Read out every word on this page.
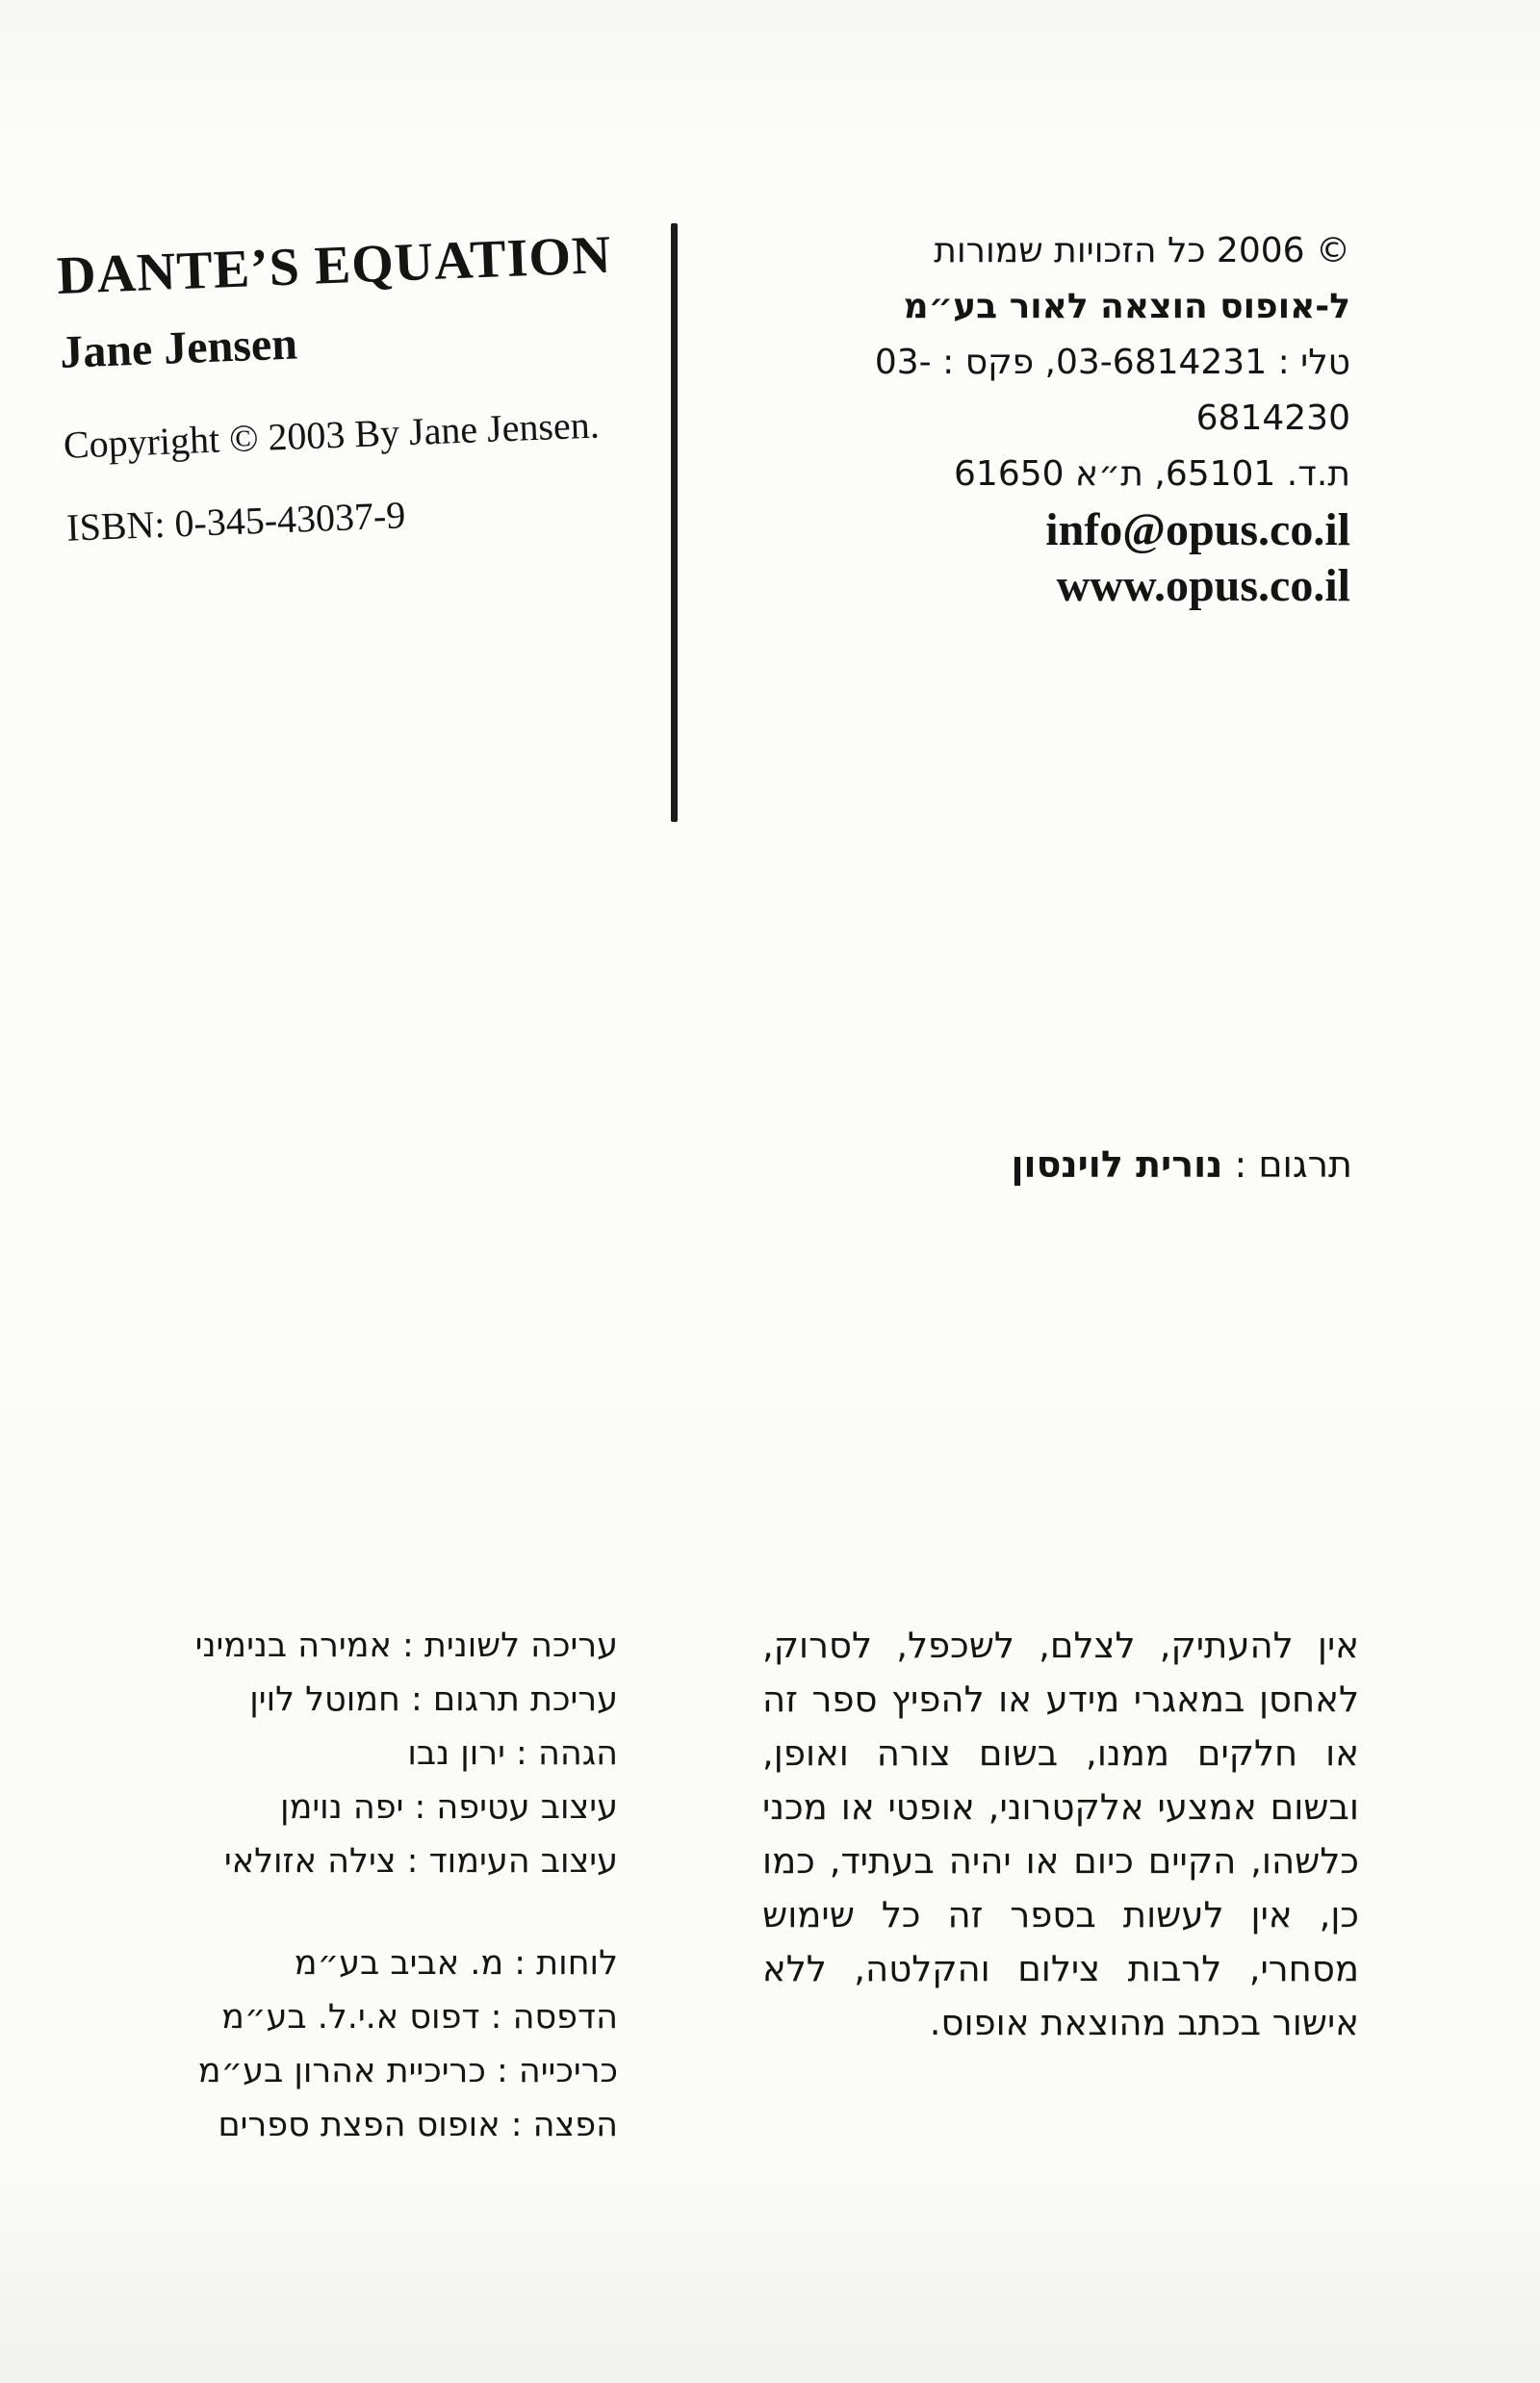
DANTE’S EQUATION
Jane Jensen
Copyright © 2003 By Jane Jensen.
ISBN: 0-345-43037-9
© 2006 כל הזכויות שמורות
ל-אופוס הוצאה לאור בע״מ
טלי : 03-6814231, פקס : 03-6814230
ת.ד. 65101, ת״א 61650
info@opus.co.il
www.opus.co.il
תרגום : נורית לוינסון
אין להעתיק, לצלם, לשכפל, לסרוק, לאחסן במאגרי מידע או להפיץ ספר זה או חלקים ממנו, בשום צורה ואופן, ובשום אמצעי אלקטרוני, אופטי או מכני כלשהו, הקיים כיום או יהיה בעתיד, כמו כן, אין לעשות בספר זה כל שימוש מסחרי, לרבות צילום והקלטה, ללא אישור בכתב מהוצאת אופוס.
עריכה לשונית : אמירה בנימיני
עריכת תרגום : חמוטל לוין
הגהה : ירון נבו
עיצוב עטיפה : יפה נוימן
עיצוב העימוד : צילה אזולאי
לוחות : מ. אביב בע״מ
הדפסה : דפוס א.י.ל. בע״מ
כריכייה : כריכיית אהרון בע״מ
הפצה : אופוס הפצת ספרים
